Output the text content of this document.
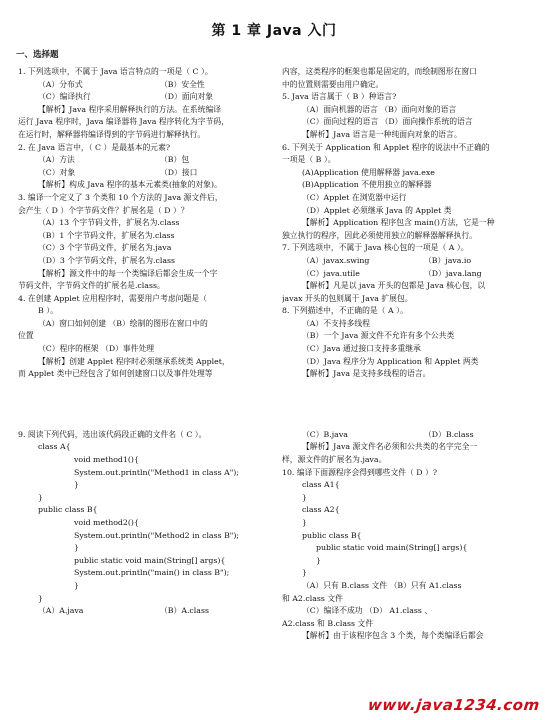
第 1 章 Java 入门
一、选择题
1. 下列选项中，不属于 Java 语言特点的一项是（ C ）。
（A）分布式	（B）安全性
（C）编译执行	（D）面向对象
【解析】Java 程序采用解释执行的方法。在系统编译
运行 Java 程序时，Java 编译器将 Java 程序转化为字节码，
在运行时，解释器将编译得到的字节码进行解释执行。
2. 在 Java 语言中，（ C ）是最基本的元素?
（A）方法	（B）包
（C）对象	（D）接口
【解析】构成 Java 程序的基本元素类(抽象的对象)。
3. 编译一个定义了 3 个类和 10 个方法的 Java 源文件后，
会产生（ D ）个字节码文件？扩展名是（ D ）？
（A）13 个字节码文件，扩展名为.class
（B）1 个字节码文件，扩展名为.class
（C）3 个字节码文件，扩展名为.java
（D）3 个字节码文件，扩展名为.class
【解析】源文件中的每一个类编译后都会生成一个字
节码文件，字节码文件的扩展名是.class。
4. 在创建 Applet 应用程序时，需要用户考虑问题是（
B ）。
（A）窗口如何创建 （B）绘制的图形在窗口中的
位置
（C）程序的框架 （D）事件处理
【解析】创建 Applet 程序时必须继承系统类 Applet，
而 Applet 类中已经包含了如何创建窗口以及事件处理等
9. 阅读下列代码，选出该代码段正确的文件名（ C ）。
class A{
void method1(){
System.out.println("Method1 in class A");
}
}
public class B{
void method2(){
System.out.println("Method2 in class B");
}
public static void main(String[] args){
System.out.println("main() in class B");
}
}
（A）A.java	（B）A.class
内容，这类程序的框架也都是固定的，而绘制图形在窗口
中的位置则需要由用户确定。
5. Java 语言属于（ B ）种语言?
（A）面向机器的语言 （B）面向对象的语言
（C）面向过程的语言 （D）面向操作系统的语言
【解析】Java 语言是一种纯面向对象的语言。
6. 下列关于 Application 和 Applet 程序的说法中不正确的
一项是（ B ）。
(A)Application 使用解释器 java.exe
(B)Application 不使用独立的解释器
（C）Applet 在浏览器中运行
（D）Applet 必须继承 Java 的 Applet 类
【解析】Application 程序包含 main()方法，它是一种
独立执行的程序，因此必须使用独立的解释器解释执行。
7. 下列选项中，不属于 Java 核心包的一项是（ A ）。
（A）javax.swing	（B）java.io
（C）java.utile	（D）java.lang
【解析】凡是以 java 开头的包都是 Java 核心包，以
javax 开头的包则属于 Java 扩展包。
8. 下列描述中，不正确的是（ A ）。
（A）不支持多线程
（B）一个 Java 源文件不允许有多个公共类
（C）Java 通过接口支持多重继承
（D）Java 程序分为 Application 和 Applet 两类
【解析】Java 是支持多线程的语言。
（C）B.java	（D）B.class
【解析】Java 源文件名必须和公共类的名字完全一
样，源文件的扩展名为.java。
10. 编译下面源程序会得到哪些文件（ D ）?
class A1{
}
class A2{
}
public class B{
public static void main(String[] args){
}
}
（A）只有 B.class 文件 （B）只有 A1.class
和 A2.class 文件
（C）编译不成功 （D） A1.class 、
A2.class 和 B.class 文件
【解析】由于该程序包含 3 个类，每个类编译后都会
www.java1234.com
